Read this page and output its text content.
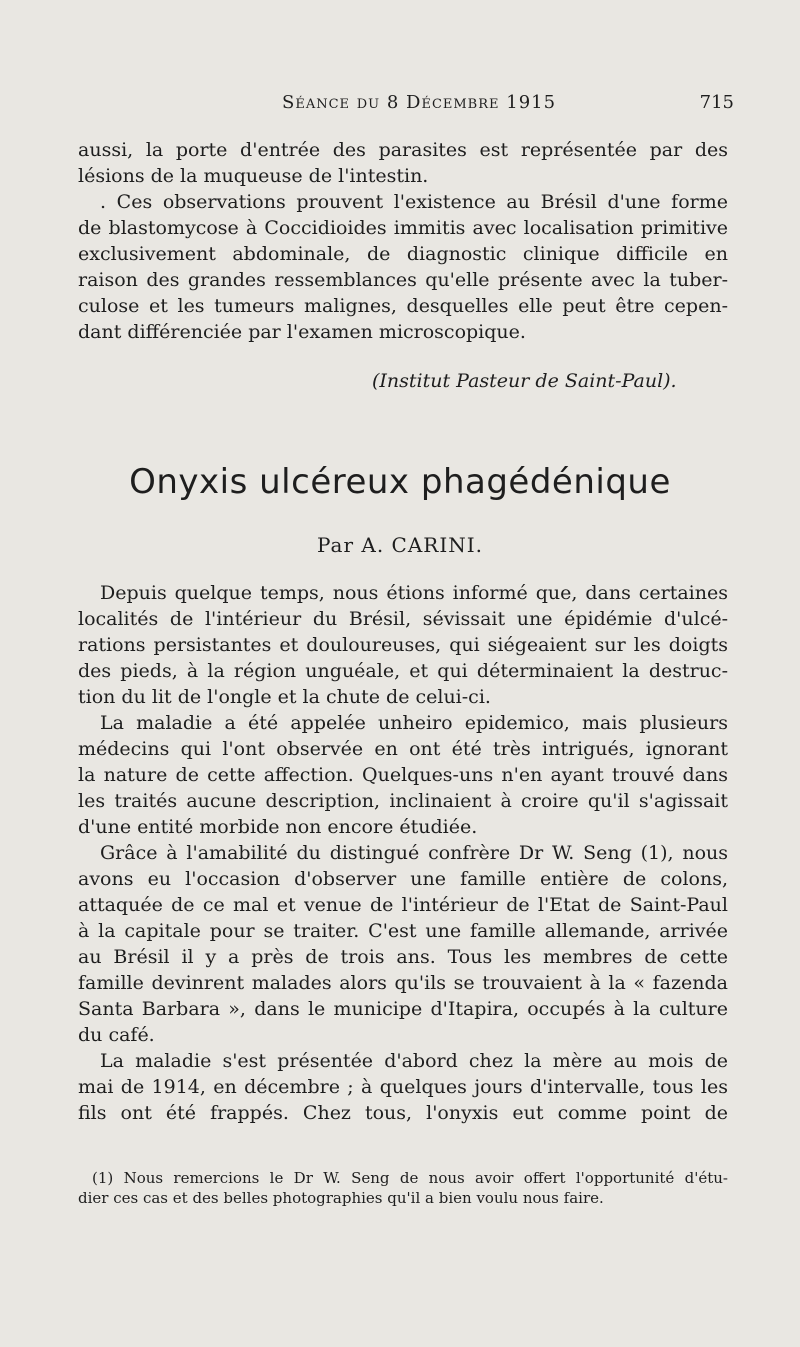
Séance du 8 Décembre 1915	715
aussi, la porte d'entrée des parasites est représentée par des
lésions de la muqueuse de l'intestin.
. Ces observations prouvent l'existence au Brésil d'une forme
de blastomycose à Coccidioides immitis avec localisation primitive
exclusivement abdominale, de diagnostic clinique difficile en
raison des grandes ressemblances qu'elle présente avec la tuber-
culose et les tumeurs malignes, desquelles elle peut être cepen-
dant différenciée par l'examen microscopique.
(Institut Pasteur de Saint-Paul).
Onyxis ulcéreux phagédénique
Par A. CARINI.
Depuis quelque temps, nous étions informé que, dans certaines
localités de l'intérieur du Brésil, sévissait une épidémie d'ulcé-
rations persistantes et douloureuses, qui siégeaient sur les doigts
des pieds, à la région unguéale, et qui déterminaient la destruc-
tion du lit de l'ongle et la chute de celui-ci.
La maladie a été appelée unheiro epidemico, mais plusieurs
médecins qui l'ont observée en ont été très intrigués, ignorant
la nature de cette affection. Quelques-uns n'en ayant trouvé dans
les traités aucune description, inclinaient à croire qu'il s'agissait
d'une entité morbide non encore étudiée.
Grâce à l'amabilité du distingué confrère Dr W. Seng (1), nous
avons eu l'occasion d'observer une famille entière de colons,
attaquée de ce mal et venue de l'intérieur de l'Etat de Saint-Paul
à la capitale pour se traiter. C'est une famille allemande, arrivée
au Brésil il y a près de trois ans. Tous les membres de cette
famille devinrent malades alors qu'ils se trouvaient à la « fazenda
Santa Barbara », dans le municipe d'Itapira, occupés à la culture
du café.
La maladie s'est présentée d'abord chez la mère au mois de
mai de 1914, en décembre ; à quelques jours d'intervalle, tous les
fils ont été frappés. Chez tous, l'onyxis eut comme point de
(1) Nous remercions le Dr W. Seng de nous avoir offert l'opportunité d'étu-
dier ces cas et des belles photographies qu'il a bien voulu nous faire.
